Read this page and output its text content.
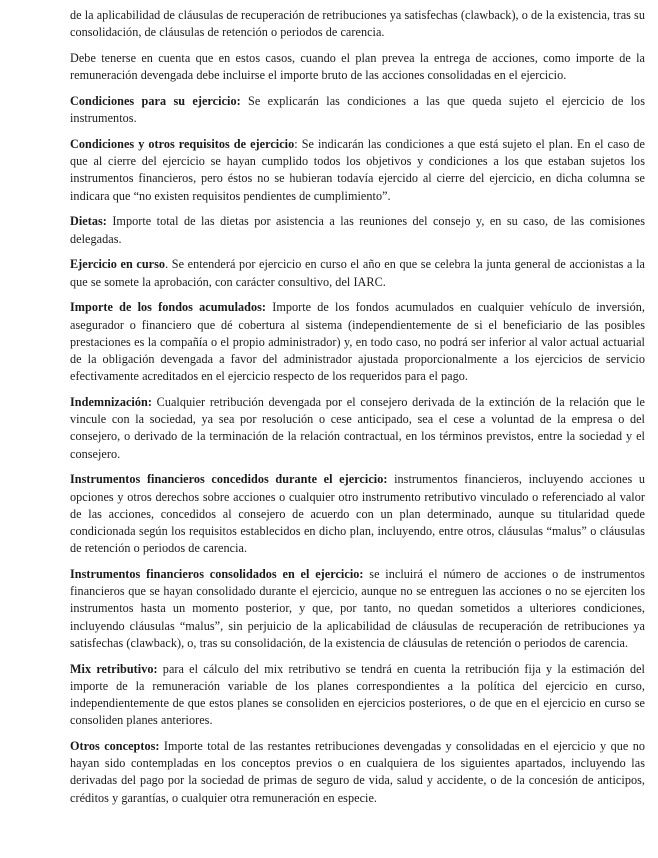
de la aplicabilidad de cláusulas de recuperación de retribuciones ya satisfechas (clawback), o de la existencia, tras su consolidación, de cláusulas de retención o periodos de carencia.

Debe tenerse en cuenta que en estos casos, cuando el plan prevea la entrega de acciones, como importe de la remuneración devengada debe incluirse el importe bruto de las acciones consolidadas en el ejercicio.

Condiciones para su ejercicio: Se explicarán las condiciones a las que queda sujeto el ejercicio de los instrumentos.

Condiciones y otros requisitos de ejercicio: Se indicarán las condiciones a que está sujeto el plan. En el caso de que al cierre del ejercicio se hayan cumplido todos los objetivos y condiciones a los que estaban sujetos los instrumentos financieros, pero éstos no se hubieran todavía ejercido al cierre del ejercicio, en dicha columna se indicara que “no existen requisitos pendientes de cumplimiento”.

Dietas: Importe total de las dietas por asistencia a las reuniones del consejo y, en su caso, de las comisiones delegadas.

Ejercicio en curso. Se entenderá por ejercicio en curso el año en que se celebra la junta general de accionistas a la que se somete la aprobación, con carácter consultivo, del IARC.

Importe de los fondos acumulados: Importe de los fondos acumulados en cualquier vehículo de inversión, asegurador o financiero que dé cobertura al sistema (independientemente de si el beneficiario de las posibles prestaciones es la compañía o el propio administrador) y, en todo caso, no podrá ser inferior al valor actual actuarial de la obligación devengada a favor del administrador ajustada proporcionalmente a los ejercicios de servicio efectivamente acreditados en el ejercicio respecto de los requeridos para el pago.

Indemnización: Cualquier retribución devengada por el consejero derivada de la extinción de la relación que le vincule con la sociedad, ya sea por resolución o cese anticipado, sea el cese a voluntad de la empresa o del consejero, o derivado de la terminación de la relación contractual, en los términos previstos, entre la sociedad y el consejero.

Instrumentos financieros concedidos durante el ejercicio: instrumentos financieros, incluyendo acciones u opciones y otros derechos sobre acciones o cualquier otro instrumento retributivo vinculado o referenciado al valor de las acciones, concedidos al consejero de acuerdo con un plan determinado, aunque su titularidad quede condicionada según los requisitos establecidos en dicho plan, incluyendo, entre otros, cláusulas “malus” o cláusulas de retención o periodos de carencia.

Instrumentos financieros consolidados en el ejercicio: se incluirá el número de acciones o de instrumentos financieros que se hayan consolidado durante el ejercicio, aunque no se entreguen las acciones o no se ejerciten los instrumentos hasta un momento posterior, y que, por tanto, no quedan sometidos a ulteriores condiciones, incluyendo cláusulas “malus”, sin perjuicio de la aplicabilidad de cláusulas de recuperación de retribuciones ya satisfechas (clawback), o, tras su consolidación, de la existencia de cláusulas de retención o periodos de carencia.

Mix retributivo: para el cálculo del mix retributivo se tendrá en cuenta la retribución fija y la estimación del importe de la remuneración variable de los planes correspondientes a la política del ejercicio en curso, independientemente de que estos planes se consoliden en ejercicios posteriores, o de que en el ejercicio en curso se consoliden planes anteriores.

Otros conceptos: Importe total de las restantes retribuciones devengadas y consolidadas en el ejercicio y que no hayan sido contempladas en los conceptos previos o en cualquiera de los siguientes apartados, incluyendo las derivadas del pago por la sociedad de primas de seguro de vida, salud y accidente, o de la concesión de anticipos, créditos y garantías, o cualquier otra remuneración en especie.
